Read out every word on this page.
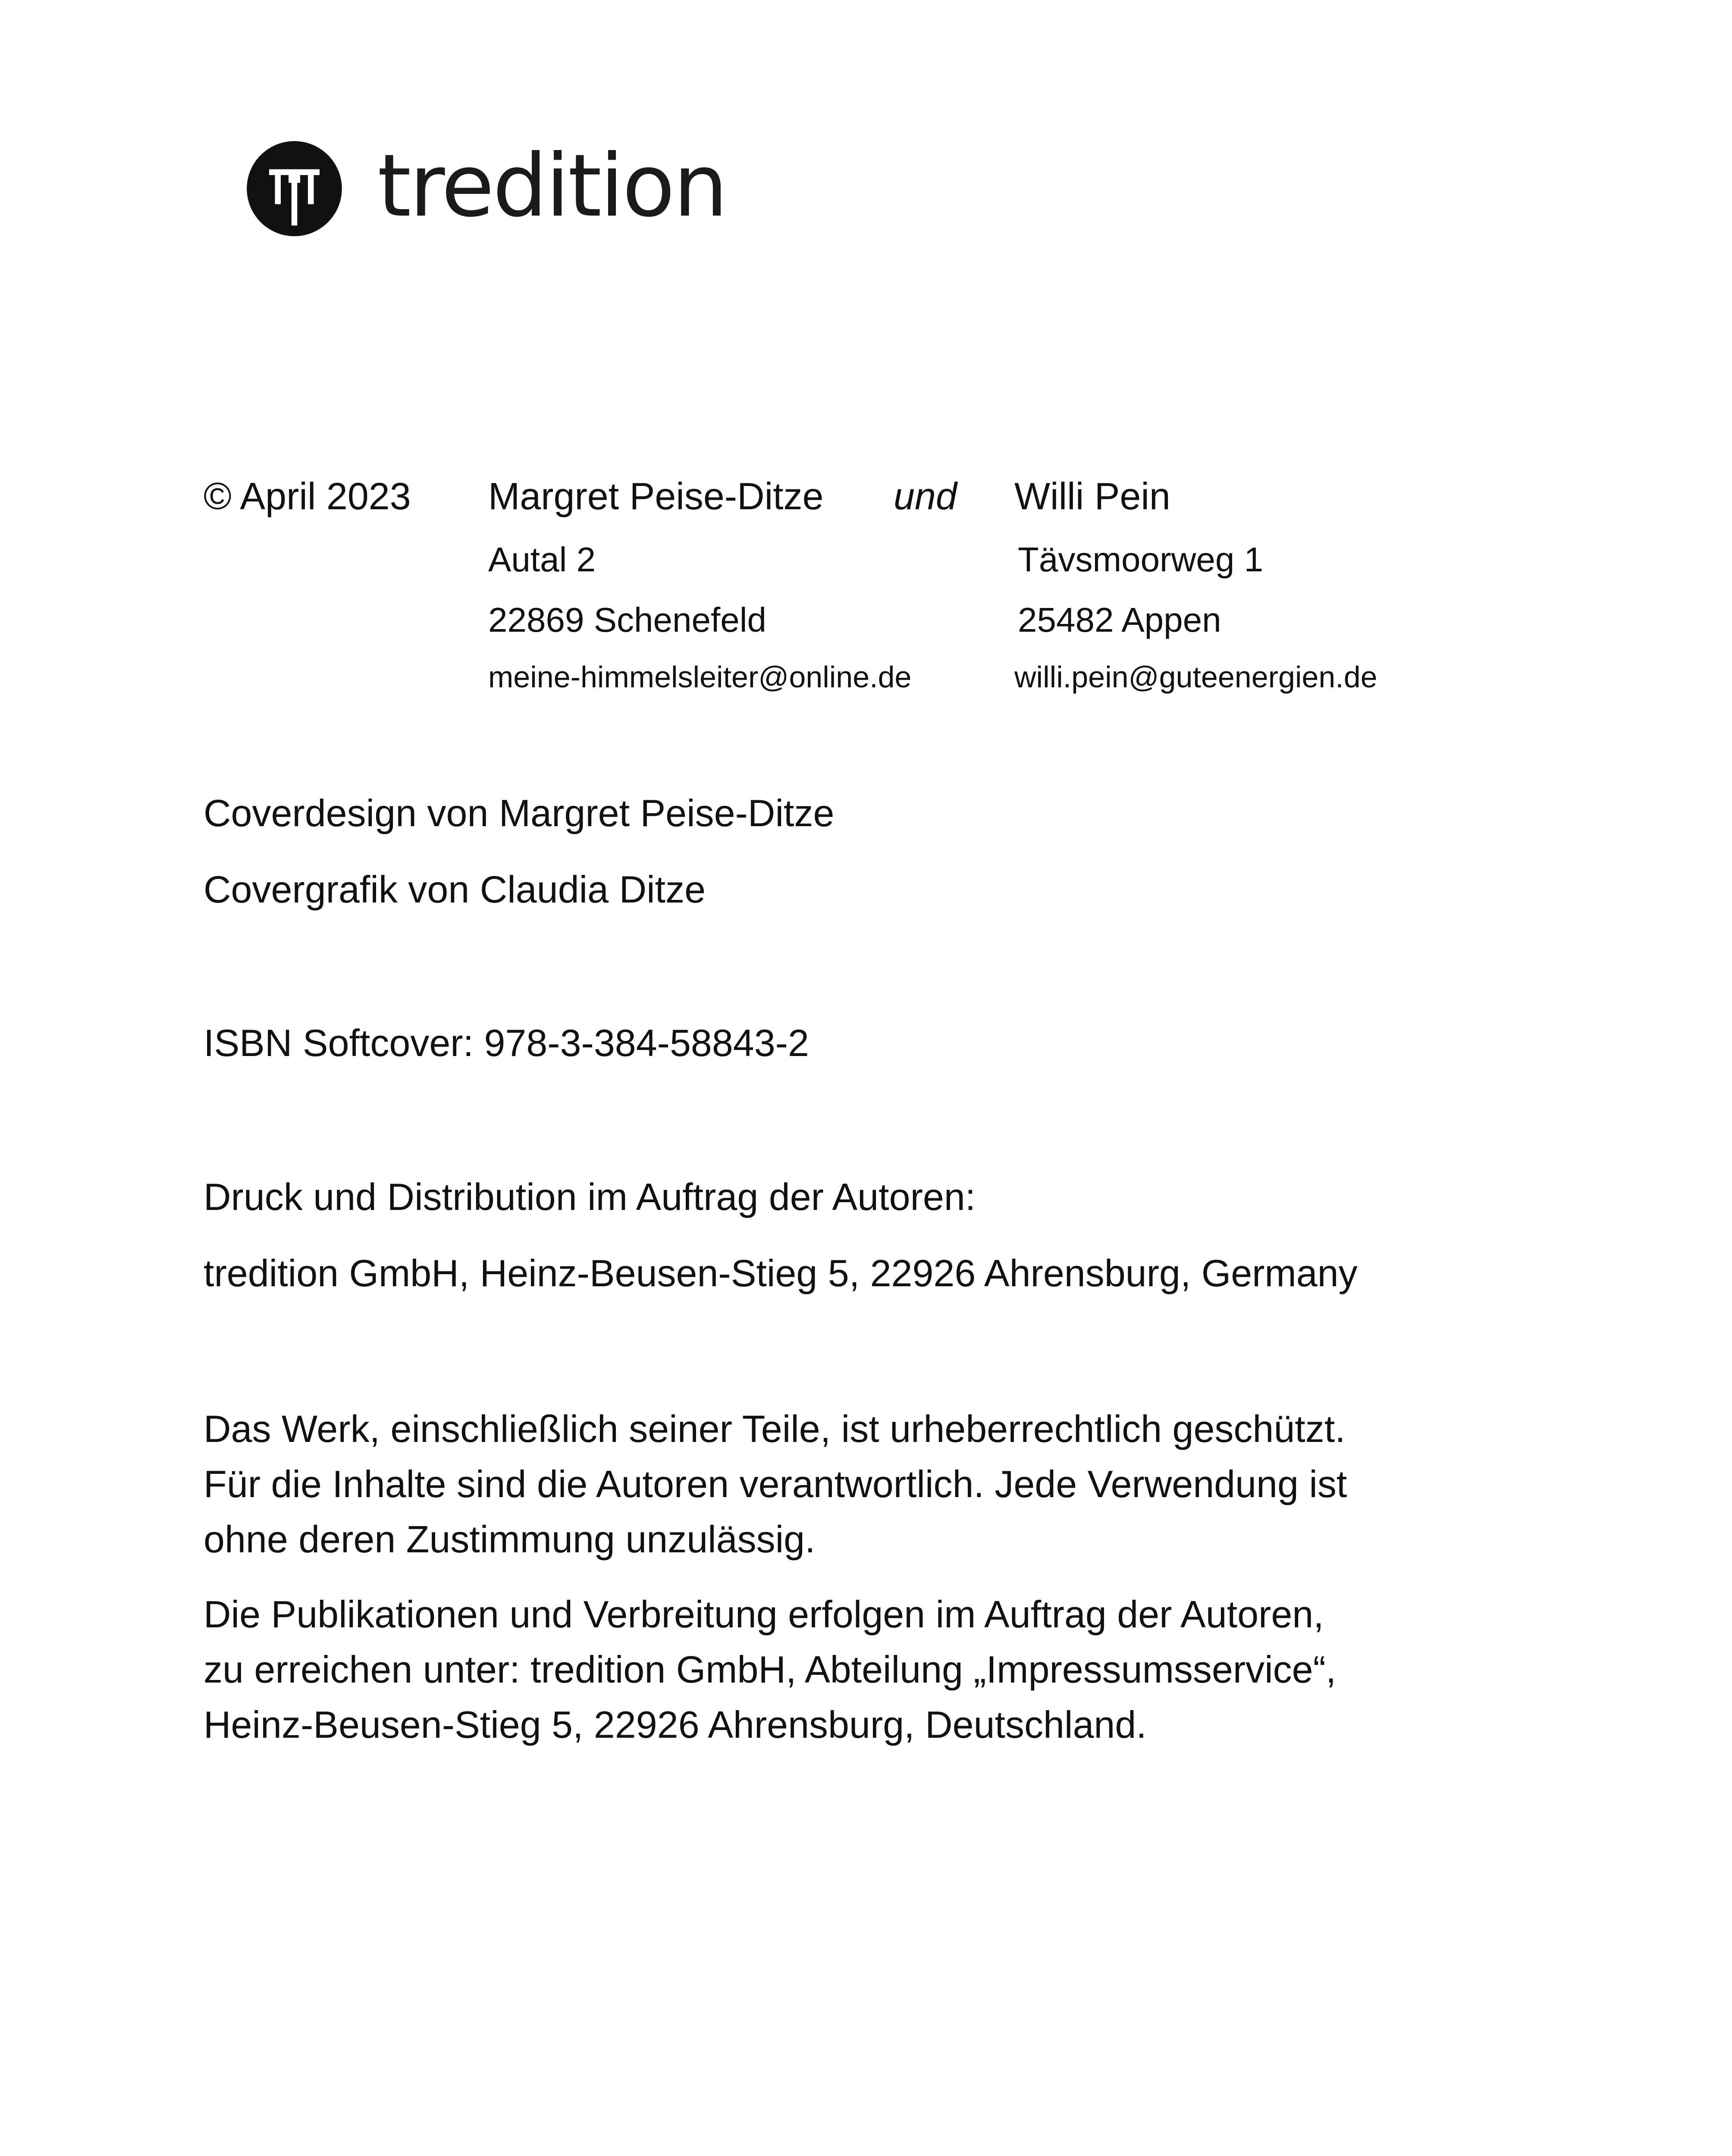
tredition
© April 2023 Margret Peise-Ditze und Willi Pein
Autal 2	Tävsmoorweg 1
22869 Schenefeld	25482 Appen
meine-himmelsleiter@online.de	willi.pein@guteenergien.de
Coverdesign von Margret Peise-Ditze
Covergrafik von Claudia Ditze
ISBN Softcover: 978-3-384-58843-2
Druck und Distribution im Auftrag der Autoren:
tredition GmbH, Heinz-Beusen-Stieg 5, 22926 Ahrensburg, Germany
Das Werk, einschließlich seiner Teile, ist urheberrechtlich geschützt.
Für die Inhalte sind die Autoren verantwortlich. Jede Verwendung ist
ohne deren Zustimmung unzulässig.
Die Publikationen und Verbreitung erfolgen im Auftrag der Autoren,
zu erreichen unter: tredition GmbH, Abteilung „Impressumsservice“,
Heinz-Beusen-Stieg 5, 22926 Ahrensburg, Deutschland.
